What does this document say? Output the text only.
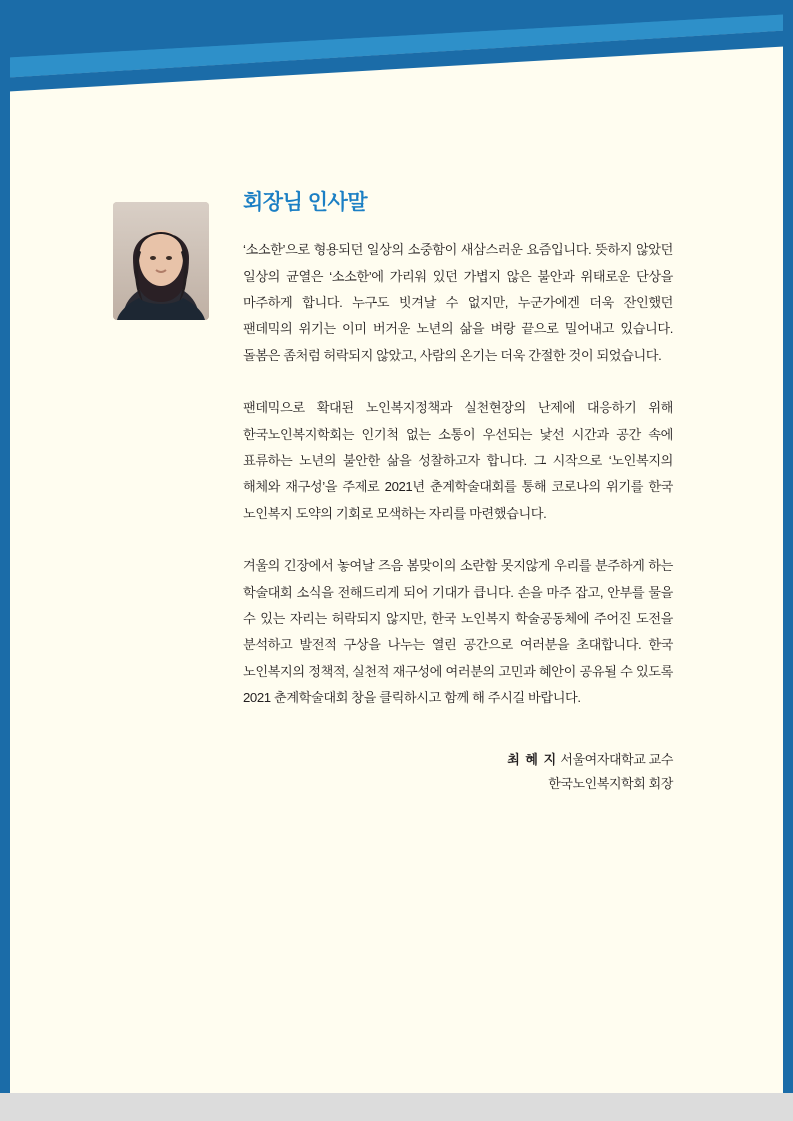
회장님 인사말

‘소소한’으로 형용되던 일상의 소중함이 새삼스러운 요즘입니다. 뜻하지 않았던 일상의 균열은 ‘소소한’에 가리워 있던 가볍지 않은 불안과 위태로운 단상을 마주하게 합니다. 누구도 빗겨날 수 없지만, 누군가에겐 더욱 잔인했던 팬데믹의 위기는 이미 버거운 노년의 삶을 벼랑 끝으로 밀어내고 있습니다. 돌봄은 좀처럼 허락되지 않았고, 사람의 온기는 더욱 간절한 것이 되었습니다.

팬데믹으로 확대된 노인복지정책과 실천현장의 난제에 대응하기 위해 한국노인복지학회는 인기척 없는 소통이 우선되는 낯선 시간과 공간 속에 표류하는 노년의 불안한 삶을 성찰하고자 합니다. 그 시작으로 ‘노인복지의 해체와 재구성’을 주제로 2021년 춘계학술대회를 통해 코로나의 위기를 한국 노인복지 도약의 기회로 모색하는 자리를 마련했습니다.

겨울의 긴장에서 놓여날 즈음 봄맞이의 소란함 못지않게 우리를 분주하게 하는 학술대회 소식을 전해드리게 되어 기대가 큽니다. 손을 마주 잡고, 안부를 물을 수 있는 자리는 허락되지 않지만, 한국 노인복지 학술공동체에 주어진 도전을 분석하고 발전적 구상을 나누는 열린 공간으로 여러분을 초대합니다. 한국 노인복지의 정책적, 실천적 재구성에 여러분의 고민과 혜안이 공유될 수 있도록 2021 춘계학술대회 창을 클릭하시고 함께 해 주시길 바랍니다.

최 혜 지 서울여자대학교 교수
한국노인복지학회 회장
